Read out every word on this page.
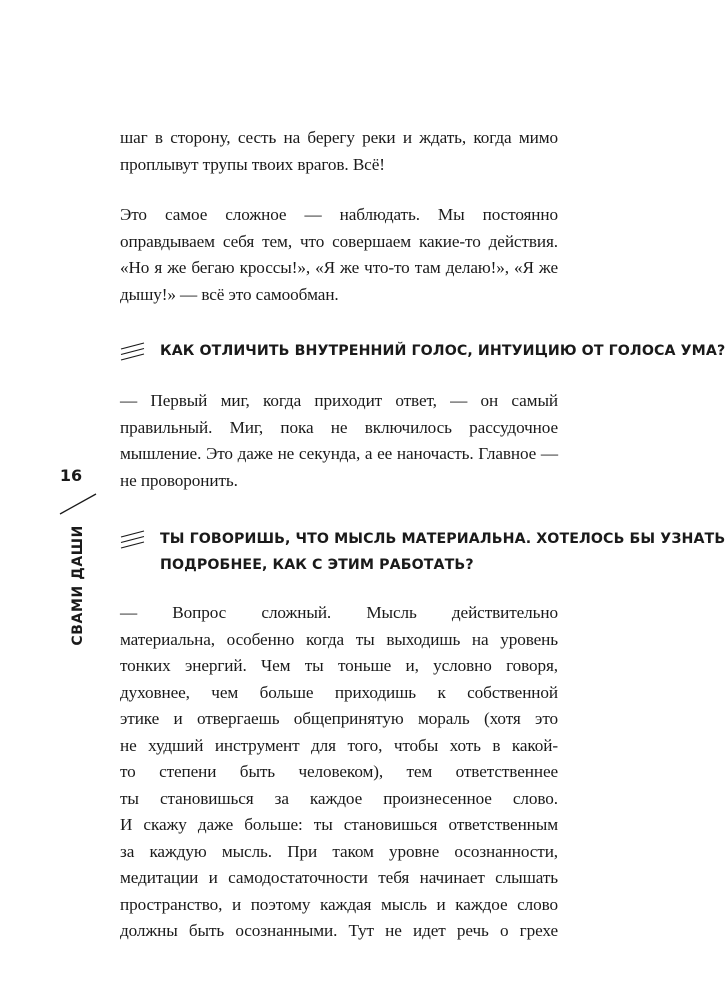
16
СВАМИ ДАШИ
шаг в сторону, сесть на берегу реки и ждать, когда мимо
проплывут трупы твоих врагов. Всё!
Это самое сложное — наблюдать. Мы постоянно
оправдываем себя тем, что совершаем какие-то действия.
«Но я же бегаю кроссы!», «Я же что-то там делаю!», «Я же
дышу!» — всё это самообман.
КАК ОТЛИЧИТЬ ВНУТРЕННИЙ ГОЛОС, ИНТУИЦИЮ ОТ ГОЛОСА УМА?
— Первый миг, когда приходит ответ, — он самый
правильный. Миг, пока не включилось рассудочное
мышление. Это даже не секунда, а ее наночасть. Главное —
не проворонить.
ТЫ ГОВОРИШЬ, ЧТО МЫСЛЬ МАТЕРИАЛЬНА. ХОТЕЛОСЬ БЫ УЗНАТЬ
ПОДРОБНЕЕ, КАК С ЭТИМ РАБОТАТЬ?
— Вопрос сложный. Мысль действительно
материальна, особенно когда ты выходишь на уровень
тонких энергий. Чем ты тоньше и, условно говоря,
духовнее, чем больше приходишь к собственной
этике и отвергаешь общепринятую мораль (хотя это
не худший инструмент для того, чтобы хоть в какой-
то степени быть человеком), тем ответственнее
ты становишься за каждое произнесенное слово.
И скажу даже больше: ты становишься ответственным
за каждую мысль. При таком уровне осознанности,
медитации и самодостаточности тебя начинает слышать
пространство, и поэтому каждая мысль и каждое слово
должны быть осознанными. Тут не идет речь о грехе
